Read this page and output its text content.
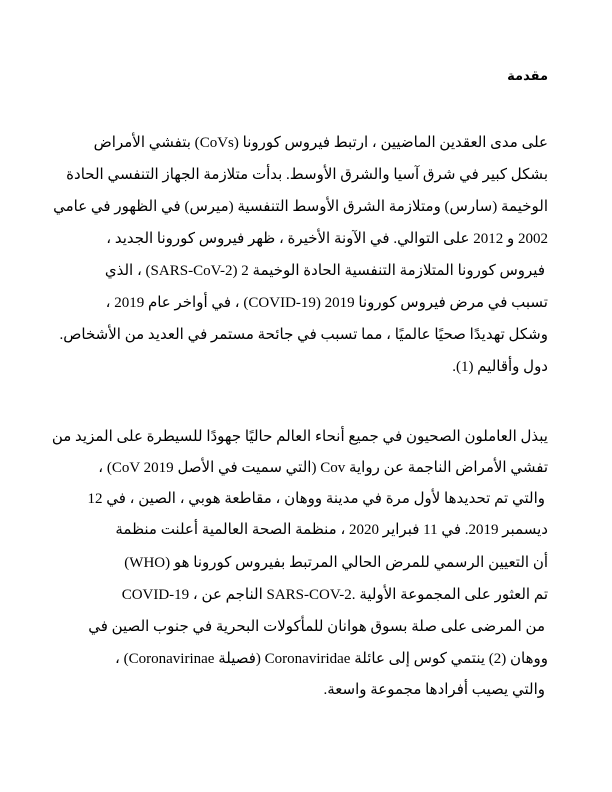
مقدمة
على مدى العقدين الماضيين ، ارتبط فيروس كورونا (CoVs) بتفشي الأمراض
بشكل كبير في شرق آسيا والشرق الأوسط. بدأت متلازمة الجهاز التنفسي الحادة
الوخيمة (سارس) ومتلازمة الشرق الأوسط التنفسية (ميرس) في الظهور في عامي
2002 و 2012 على التوالي. في الآونة الأخيرة ، ظهر فيروس كورونا الجديد ،
فيروس كورونا المتلازمة التنفسية الحادة الوخيمة 2 (SARS-CoV-2) ، الذي
تسبب في مرض فيروس كورونا 2019 (COVID-19) ، في أواخر عام 2019 ،
وشكل تهديدًا صحيًا عالميًا ، مما تسبب في جائحة مستمر في العديد من الأشخاص.
دول وأقاليم (1).
يبذل العاملون الصحيون في جميع أنحاء العالم حاليًا جهودًا للسيطرة على المزيد من
تفشي الأمراض الناجمة عن رواية Cov (التي سميت في الأصل CoV 2019) ،
والتي تم تحديدها لأول مرة في مدينة ووهان ، مقاطعة هوبي ، الصين ، في 12
ديسمبر 2019. في 11 فبراير 2020 ، منظمة الصحة العالمية أعلنت منظمة
(WHO) أن التعيين الرسمي للمرض الحالي المرتبط بفيروس كورونا هو
COVID-19 ، الناجم عن SARS-COV-2. تم العثور على المجموعة الأولية
من المرضى على صلة بسوق هوانان للمأكولات البحرية في جنوب الصين في
ووهان (2) ينتمي كوس إلى عائلة Coronaviridae (فصيلة Coronavirinae) ،
والتي يصيب أفرادها مجموعة واسعة.
